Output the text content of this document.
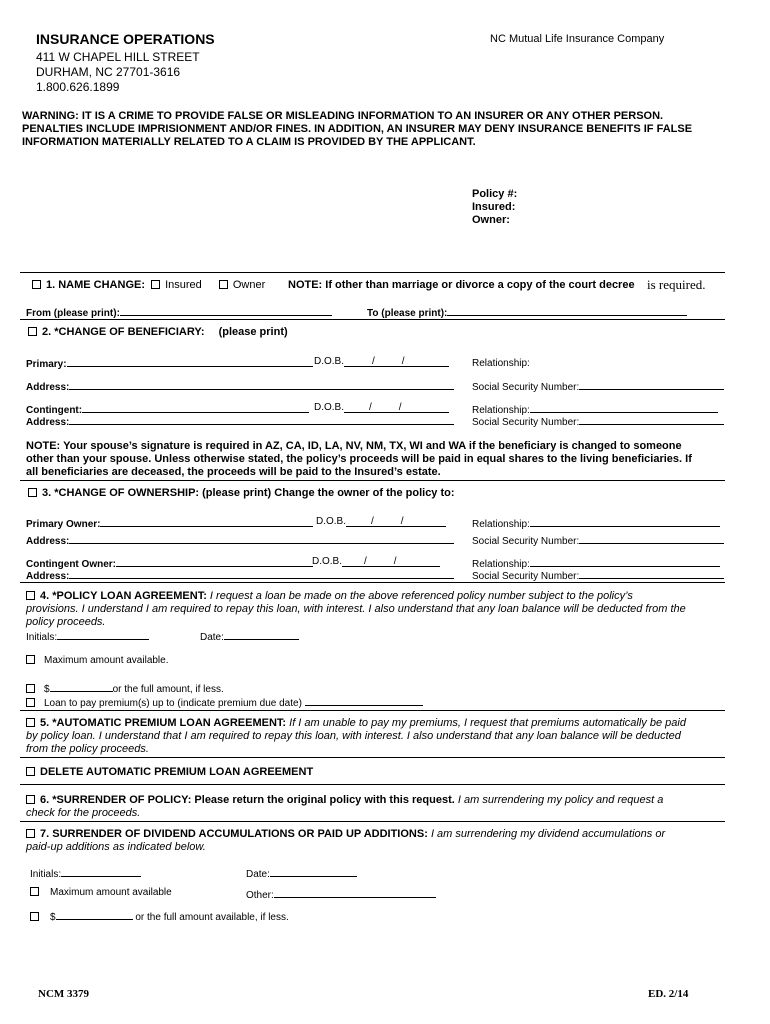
INSURANCE OPERATIONS	NC Mutual Life Insurance Company
411 W CHAPEL HILL STREET
DURHAM, NC 27701-3616
1.800.626.1899
WARNING: IT IS A CRIME TO PROVIDE FALSE OR MISLEADING INFORMATION TO AN INSURER OR ANY OTHER PERSON.
PENALTIES INCLUDE IMPRISIONMENT AND/OR FINES. IN ADDITION, AN INSURER MAY DENY INSURANCE BENEFITS IF FALSE
INFORMATION MATERIALLY RELATED TO A CLAIM IS PROVIDED BY THE APPLICANT.
Policy #:
Insured:
Owner:
1. NAME CHANGE: Insured	Owner NOTE: If other than marriage or divorce a copy of the court decree is required.
From (please print):	To (please print):
2. *CHANGE OF BENEFICIARY: (please print)
Primary:	D.O.B.	/	/	Relationship:
Address:	Social Security Number:
Contingent:	D.O.B.	/	/	Relationship:
Address:	Social Security Number:
NOTE: Your spouse’s signature is required in AZ, CA, ID, LA, NV, NM, TX, WI and WA if the beneficiary is changed to someone
other than your spouse. Unless otherwise stated, the policy’s proceeds will be paid in equal shares to the living beneficiaries. If
all beneficiaries are deceased, the proceeds will be paid to the Insured’s estate.
3. *CHANGE OF OWNERSHIP: (please print) Change the owner of the policy to:
Primary Owner:	D.O.B.	/	/	Relationship:
Address:	Social Security Number:
Contingent Owner:	D.O.B. /	/	Relationship:
Address:	Social Security Number:
4. *POLICY LOAN AGREEMENT: I request a loan be made on the above referenced policy number subject to the policy’s
provisions. I understand I am required to repay this loan, with interest. I also understand that any loan balance will be deducted from the
policy proceeds.
Initials:	Date:
Maximum amount available.
$	or the full amount, if less.
Loan to pay premium(s) up to (indicate premium due date)
5. *AUTOMATIC PREMIUM LOAN AGREEMENT: If I am unable to pay my premiums, I request that premiums automatically be paid
by policy loan. I understand that I am required to repay this loan, with interest. I also understand that any loan balance will be deducted
from the policy proceeds.
DELETE AUTOMATIC PREMIUM LOAN AGREEMENT
6. *SURRENDER OF POLICY: Please return the original policy with this request. I am surrendering my policy and request a
check for the proceeds.
7. SURRENDER OF DIVIDEND ACCUMULATIONS OR PAID UP ADDITIONS: I am surrendering my dividend accumulations or
paid-up additions as indicated below.
Initials:	Date:
Maximum amount available	Other:
$	or the full amount available, if less.
NCM 3379	ED. 2/14
